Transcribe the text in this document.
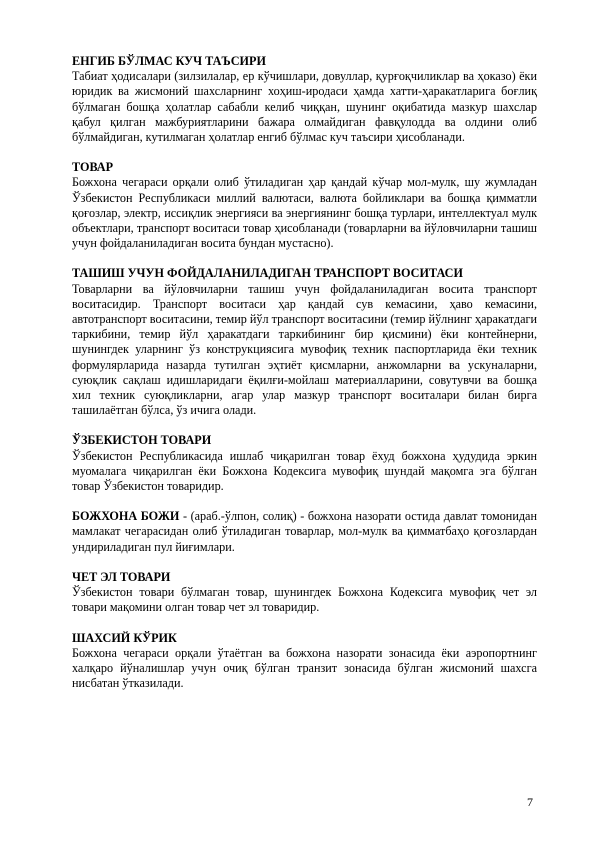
ЕНГИБ БЎЛМАС КУЧ ТАЪСИРИ

Табиат ҳодисалари (зилзилалар, ер кўчишлари, довуллар, қурғоқчиликлар ва ҳоказо) ёки юридик ва жисмоний шахсларнинг хоҳиш-иродаси ҳамда хатти-ҳаракатларига боғлиқ бўлмаган бошқа ҳолатлар сабабли келиб чиққан, шунинг оқибатида мазкур шахслар қабул қилган мажбуриятларини бажара олмайдиган фавқулодда ва олдини олиб бўлмайдиган, кутилмаган ҳолатлар енгиб бўлмас куч таъсири ҳисобланади.

ТОВАР

Божхона чегараси орқали олиб ўтиладиган ҳар қандай кўчар мол-мулк, шу жумладан Ўзбекистон Республикаси миллий валютаси, валюта бойликлари ва бошқа қимматли қоғозлар, электр, иссиқлик энергияси ва энергиянинг бошқа турлари, интеллектуал мулк объектлари, транспорт воситаси товар ҳисобланади (товарларни ва йўловчиларни ташиш учун фойдаланиладиган восита бундан мустасно).

ТАШИШ УЧУН ФОЙДАЛАНИЛАДИГАН ТРАНСПОРТ ВОСИТАСИ

Товарларни ва йўловчиларни ташиш учун фойдаланиладиган восита транспорт воситасидир. Транспорт воситаси ҳар қандай сув кемасини, ҳаво кемасини, автотранспорт воситасини, темир йўл транспорт воситасини (темир йўлнинг ҳаракатдаги таркибини, темир йўл ҳаракатдаги таркибининг бир қисмини) ёки контейнерни, шунингдек уларнинг ўз конструкциясига мувофиқ техник паспортларида ёки техник формулярларида назарда тутилган эҳтиёт қисмларни, анжомларни ва ускуналарни, суюқлик сақлаш идишларидаги ёқилғи-мойлаш материалларини, совутувчи ва бошқа хил техник суюқликларни, агар улар мазкур транспорт воситалари билан бирга ташилаётган бўлса, ўз ичига олади.

ЎЗБЕКИСТОН ТОВАРИ

Ўзбекистон Республикасида ишлаб чиқарилган товар ёхуд божхона ҳудудида эркин муомалага чиқарилган ёки Божхона Кодексига мувофиқ шундай мақомга эга бўлган товар Ўзбекистон товаридир.

БОЖХОНА БОЖИ - (араб.-ўлпон, солиқ) - божхона назорати остида давлат томонидан мамлакат чегарасидан олиб ўтиладиган товарлар, мол-мулк ва қимматбаҳо қоғозлардан ундириладиган пул йиғимлари.

ЧЕТ ЭЛ ТОВАРИ

Ўзбекистон товари бўлмаган товар, шунингдек Божхона Кодексига мувофиқ чет эл товари мақомини олган товар чет эл товаридир.

ШАХСИЙ КЎРИК

Божхона чегараси орқали ўтаётган ва божхона назорати зонасида ёки аэропортнинг халқаро йўналишлар учун очиқ бўлган транзит зонасида бўлган жисмоний шахсга нисбатан ўтказилади.

7
